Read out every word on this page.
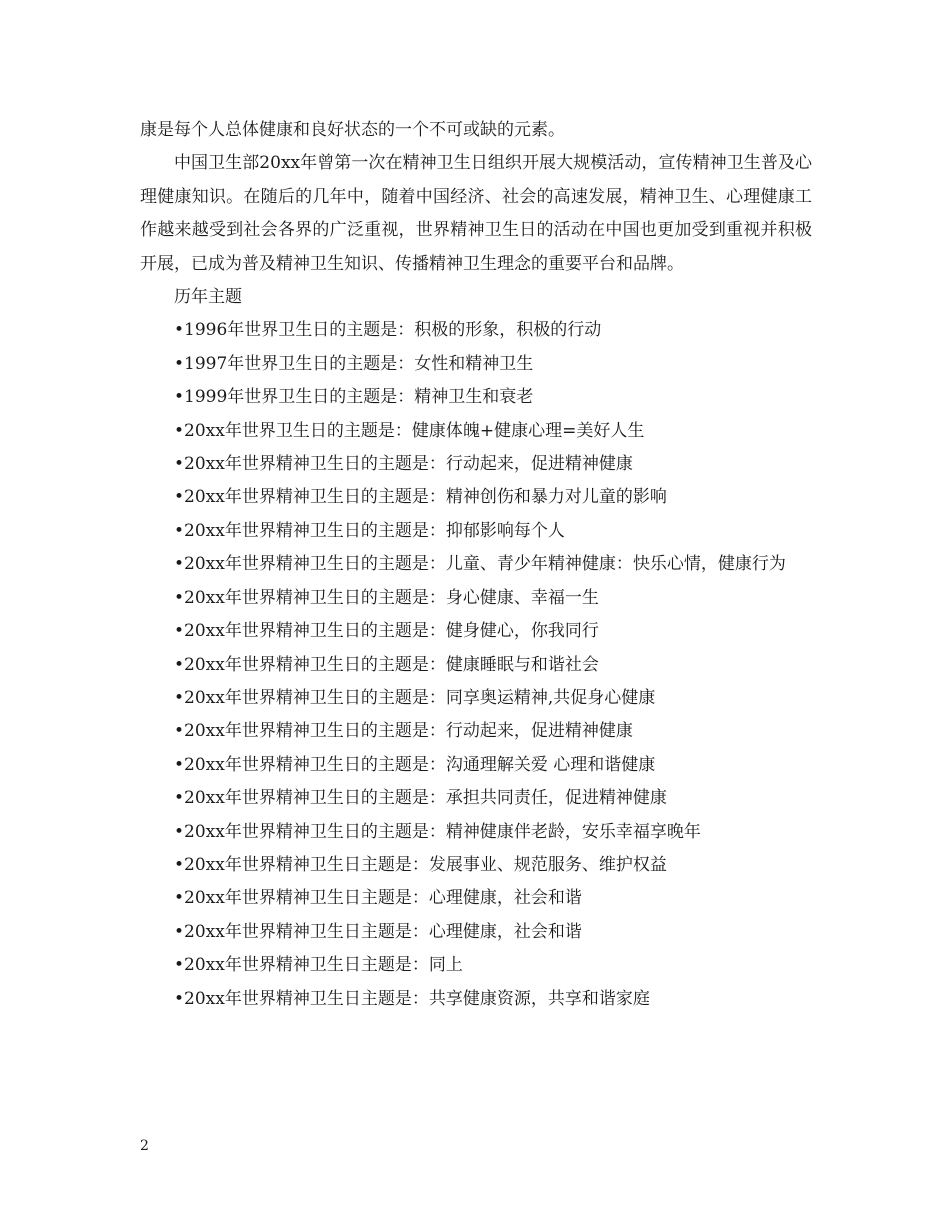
康是每个人总体健康和良好状态的一个不可或缺的元素。

中国卫生部20xx年曾第一次在精神卫生日组织开展大规模活动，宣传精神卫生普及心理健康知识。在随后的几年中，随着中国经济、社会的高速发展，精神卫生、心理健康工作越来越受到社会各界的广泛重视，世界精神卫生日的活动在中国也更加受到重视并积极开展，已成为普及精神卫生知识、传播精神卫生理念的重要平台和品牌。

历年主题

•1996年世界卫生日的主题是：积极的形象，积极的行动
•1997年世界卫生日的主题是：女性和精神卫生
•1999年世界卫生日的主题是：精神卫生和衰老
•20xx年世界卫生日的主题是：健康体魄+健康心理=美好人生
•20xx年世界精神卫生日的主题是：行动起来，促进精神健康
•20xx年世界精神卫生日的主题是：精神创伤和暴力对儿童的影响
•20xx年世界精神卫生日的主题是：抑郁影响每个人
•20xx年世界精神卫生日的主题是：儿童、青少年精神健康：快乐心情，健康行为
•20xx年世界精神卫生日的主题是：身心健康、幸福一生
•20xx年世界精神卫生日的主题是：健身健心，你我同行
•20xx年世界精神卫生日的主题是：健康睡眠与和谐社会
•20xx年世界精神卫生日的主题是：同享奥运精神,共促身心健康
•20xx年世界精神卫生日的主题是：行动起来，促进精神健康
•20xx年世界精神卫生日的主题是：沟通理解关爱 心理和谐健康
•20xx年世界精神卫生日的主题是：承担共同责任，促进精神健康
•20xx年世界精神卫生日的主题是：精神健康伴老龄，安乐幸福享晚年
•20xx年世界精神卫生日主题是：发展事业、规范服务、维护权益
•20xx年世界精神卫生日主题是：心理健康，社会和谐
•20xx年世界精神卫生日主题是：心理健康，社会和谐
•20xx年世界精神卫生日主题是：同上
•20xx年世界精神卫生日主题是：共享健康资源，共享和谐家庭
2
